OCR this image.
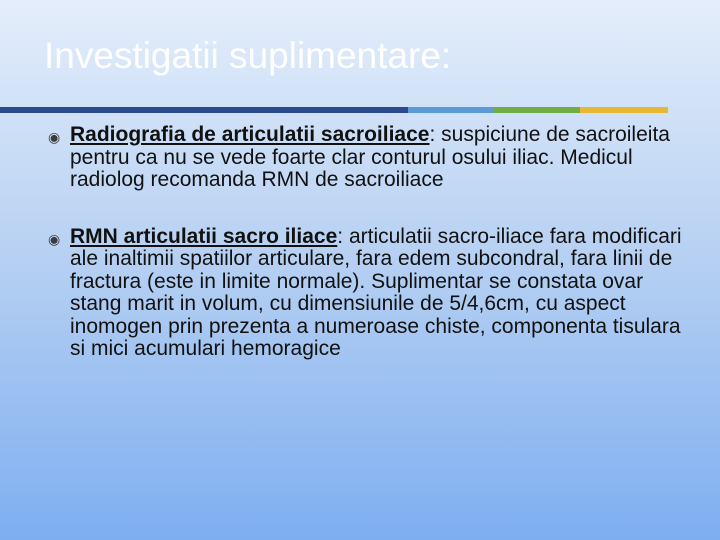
Investigatii suplimentare:
◉ Radiografia de articulatii sacroiliace: suspiciune de sacroileita pentru ca nu se vede foarte clar conturul osului iliac. Medicul radiolog recomanda RMN de sacroiliace
◉ RMN articulatii sacro iliace: articulatii sacro-iliace fara modificari ale inaltimii spatiilor articulare, fara edem subcondral, fara linii de fractura (este in limite normale). Suplimentar se constata ovar stang marit in volum, cu dimensiunile de 5/4,6cm, cu aspect inomogen prin prezenta a numeroase chiste, componenta tisulara si mici acumulari hemoragice
